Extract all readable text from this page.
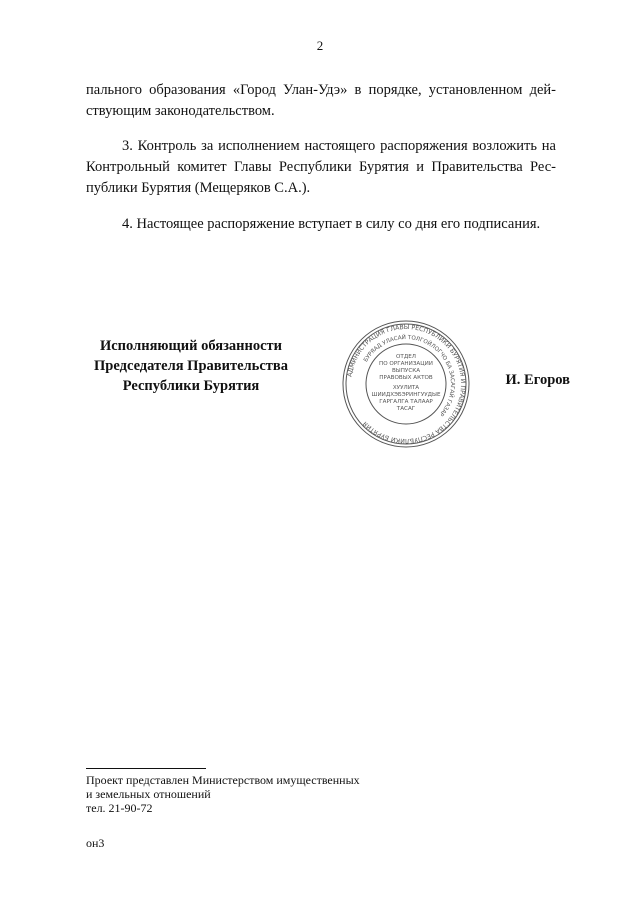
2
пального образования «Город Улан-Удэ» в порядке, установленном дей-
ствующим законодательством.
3. Контроль за исполнением настоящего распоряжения возложить на
Контрольный комитет Главы Республики Бурятия и Правительства Рес-
публики Бурятия (Мещеряков С.А.).
4. Настоящее распоряжение вступает в силу со дня его подписания.
Исполняющий обязанности
Председателя Правительства
Республики Бурятия
АДМИНИСТРАЦИЯ ГЛАВЫ РЕСПУБЛИКИ БУРЯТИЯ И ПРАВИТЕЛЬСТВА РЕСПУБЛИКИ БУРЯТИЯ
БУРЯАД УЛАСАЙ ТОЛГОЙЛОГЧО БА ЗАСАГАЙ ГАЗАР
ОТДЕЛ
ПО ОРГАНИЗАЦИИ
ВЫПУСКА
ПРАВОВЫХ АКТОВ
ХУУЛИТА
ШИИДХЭБЭРИНГУУДЫЕ
ГАРГАЛГА ТАЛААР
ТАСАГ
И. Егоров
Проект представлен Министерством имущественных
и земельных отношений
тел. 21-90-72
он3
